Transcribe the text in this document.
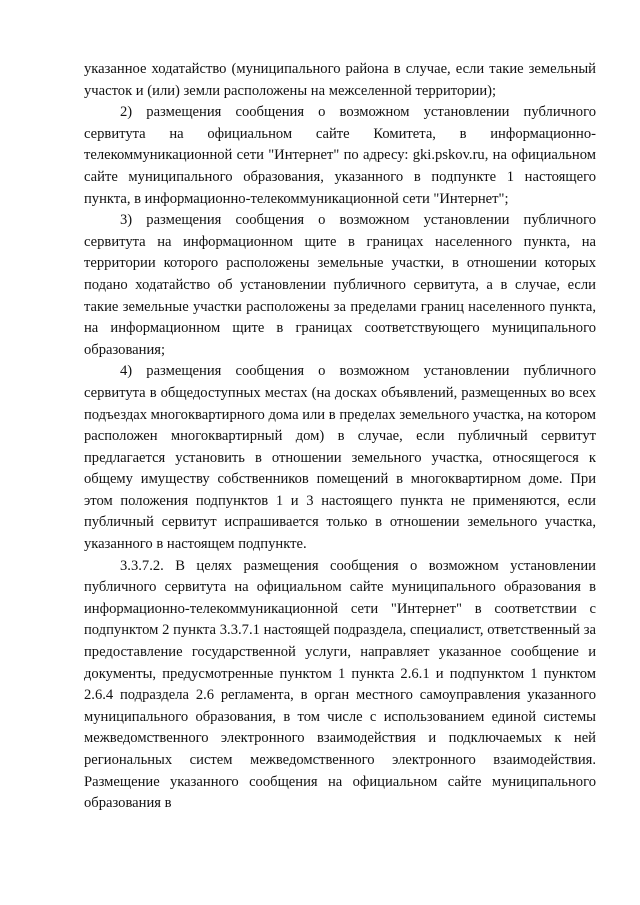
указанное ходатайство (муниципального района в случае, если такие земельный участок и (или) земли расположены на межселенной территории);

2) размещения сообщения о возможном установлении публичного сервитута на официальном сайте Комитета, в информационно-телекоммуникационной сети "Интернет" по адресу: gki.pskov.ru, на официальном сайте муниципального образования, указанного в подпункте 1 настоящего пункта, в информационно-телекоммуникационной сети "Интернет";

3) размещения сообщения о возможном установлении публичного сервитута на информационном щите в границах населенного пункта, на территории которого расположены земельные участки, в отношении которых подано ходатайство об установлении публичного сервитута, а в случае, если такие земельные участки расположены за пределами границ населенного пункта, на информационном щите в границах соответствующего муниципального образования;

4) размещения сообщения о возможном установлении публичного сервитута в общедоступных местах (на досках объявлений, размещенных во всех подъездах многоквартирного дома или в пределах земельного участка, на котором расположен многоквартирный дом) в случае, если публичный сервитут предлагается установить в отношении земельного участка, относящегося к общему имуществу собственников помещений в многоквартирном доме. При этом положения подпунктов 1 и 3 настоящего пункта не применяются, если публичный сервитут испрашивается только в отношении земельного участка, указанного в настоящем подпункте.

3.3.7.2. В целях размещения сообщения о возможном установлении публичного сервитута на официальном сайте муниципального образования в информационно-телекоммуникационной сети "Интернет" в соответствии с подпунктом 2 пункта 3.3.7.1 настоящей подраздела, специалист, ответственный за предоставление государственной услуги, направляет указанное сообщение и документы, предусмотренные пунктом 1 пункта 2.6.1 и подпунктом 1 пунктом 2.6.4 подраздела 2.6 регламента, в орган местного самоуправления указанного муниципального образования, в том числе с использованием единой системы межведомственного электронного взаимодействия и подключаемых к ней региональных систем межведомственного электронного взаимодействия. Размещение указанного сообщения на официальном сайте муниципального образования в
